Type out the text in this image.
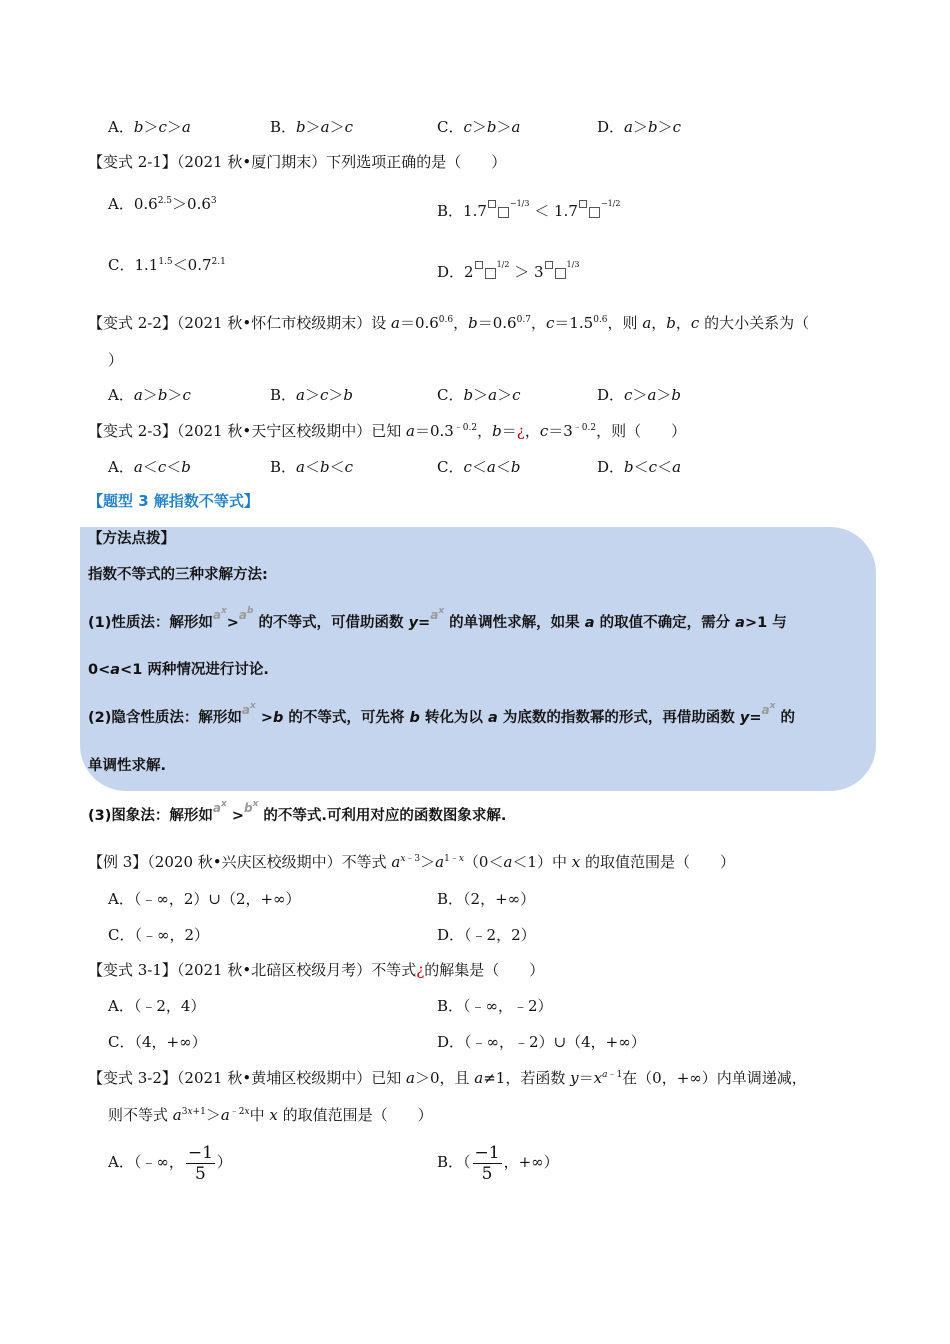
A．b＞c＞a	B．b＞a＞c	C．c＞b＞a	D．a＞b＞c
【变式 2-1】（2021 秋•厦门期末）下列选项正确的是（　　）
A．$0.6^{2.5}>0.6^3$
B．1.7	$^{-1/3}$ ＜ 1.7	$^{-1/2}$
C．$1.1^{1.5}<0.7^{2.1}$
D．2	$^{1/2}$ ＞ 3	$^{1/3}$
【变式 2-2】（2021 秋•怀仁市校级期末）设 $a=0.6^{0.6}$，$b=0.6^{0.7}$，$c=1.5^{0.6}$，则 a，b，c 的大小关系为（
）
A．a＞b＞c	B．a＞c＞b	C．b＞a＞c	D．c＞a＞b
【变式 2-3】（2021 秋•天宁区校级期中）已知 $a=0.3^{﹣0.2}$，b＝¿，$c=3^{﹣0.2}$，则（　　）
A．a＜c＜b	B．a＜b＜c	C．c＜a＜b	D．b＜c＜a
【题型 3 解指数不等式】
【方法点拨】
指数不等式的三种求解方法:
(1)性质法：解形如$^{a^x}$>$^{a^b}$ 的不等式，可借助函数 y=$^{a^x}$ 的单调性求解，如果 a 的取值不确定，需分 a>1 与
0<a<1 两种情况进行讨论.
(2)隐含性质法：解形如$^{a^x}$ >b 的不等式，可先将 b 转化为以 a 为底数的指数幂的形式，再借助函数 y=$^{a^x}$ 的
单调性求解.
(3)图象法：解形如$^{a^x}$ >$^{b^x}$ 的不等式.可利用对应的函数图象求解.
【例 3】（2020 秋•兴庆区校级期中）不等式 $a^{x﹣3}>a^{1﹣x}(0<a<1)$中 x 的取值范围是（　　）
A．（﹣∞，2）∪（2，+∞）	B．（2，+∞）
C．（﹣∞，2）	D．（﹣2，2）
【变式 3-1】（2021 秋•北碚区校级月考）不等式¿的解集是（　　）
A．（﹣2，4）	B．（﹣∞，﹣2）
C．（4，+∞）	D．（﹣∞，﹣2）∪（4，+∞）
【变式 3-2】（2021 秋•黄埔区校级期中）已知 a＞0，且 a≠1，若函数 $y=x^{a﹣1}$在（0，+∞）内单调递减，
则不等式 $a^{3x+1}>a^{﹣2x}$中 x 的取值范围是（　　）
A．（﹣∞， $\frac{-1}{5}$ ）	B．（ $\frac{-1}{5}$ ，+∞）
